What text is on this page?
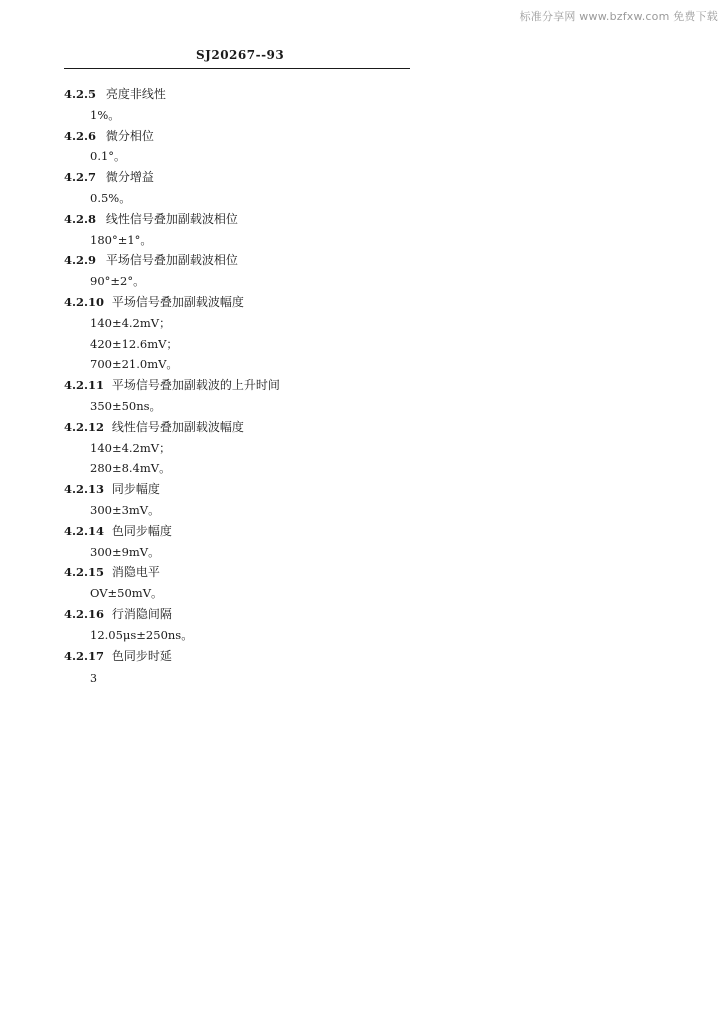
标准分享网 www.bzfxw.com 免费下载
SJ20267--93
4.2.5 亮度非线性
1%。
4.2.6 微分相位
0.1°。
4.2.7 微分增益
0.5%。
4.2.8 线性信号叠加副载波相位
180°±1°。
4.2.9 平场信号叠加副载波相位
90°±2°。
4.2.10 平场信号叠加副载波幅度
140±4.2mV；
420±12.6mV；
700±21.0mV。
4.2.11 平场信号叠加副载波的上升时间
350±50ns。
4.2.12 线性信号叠加副载波幅度
140±4.2mV；
280±8.4mV。
4.2.13 同步幅度
300±3mV。
4.2.14 色同步幅度
300±9mV。
4.2.15 消隐电平
OV±50mV。
4.2.16 行消隐间隔
12.05μs±250ns。
4.2.17 色同步时延
3
